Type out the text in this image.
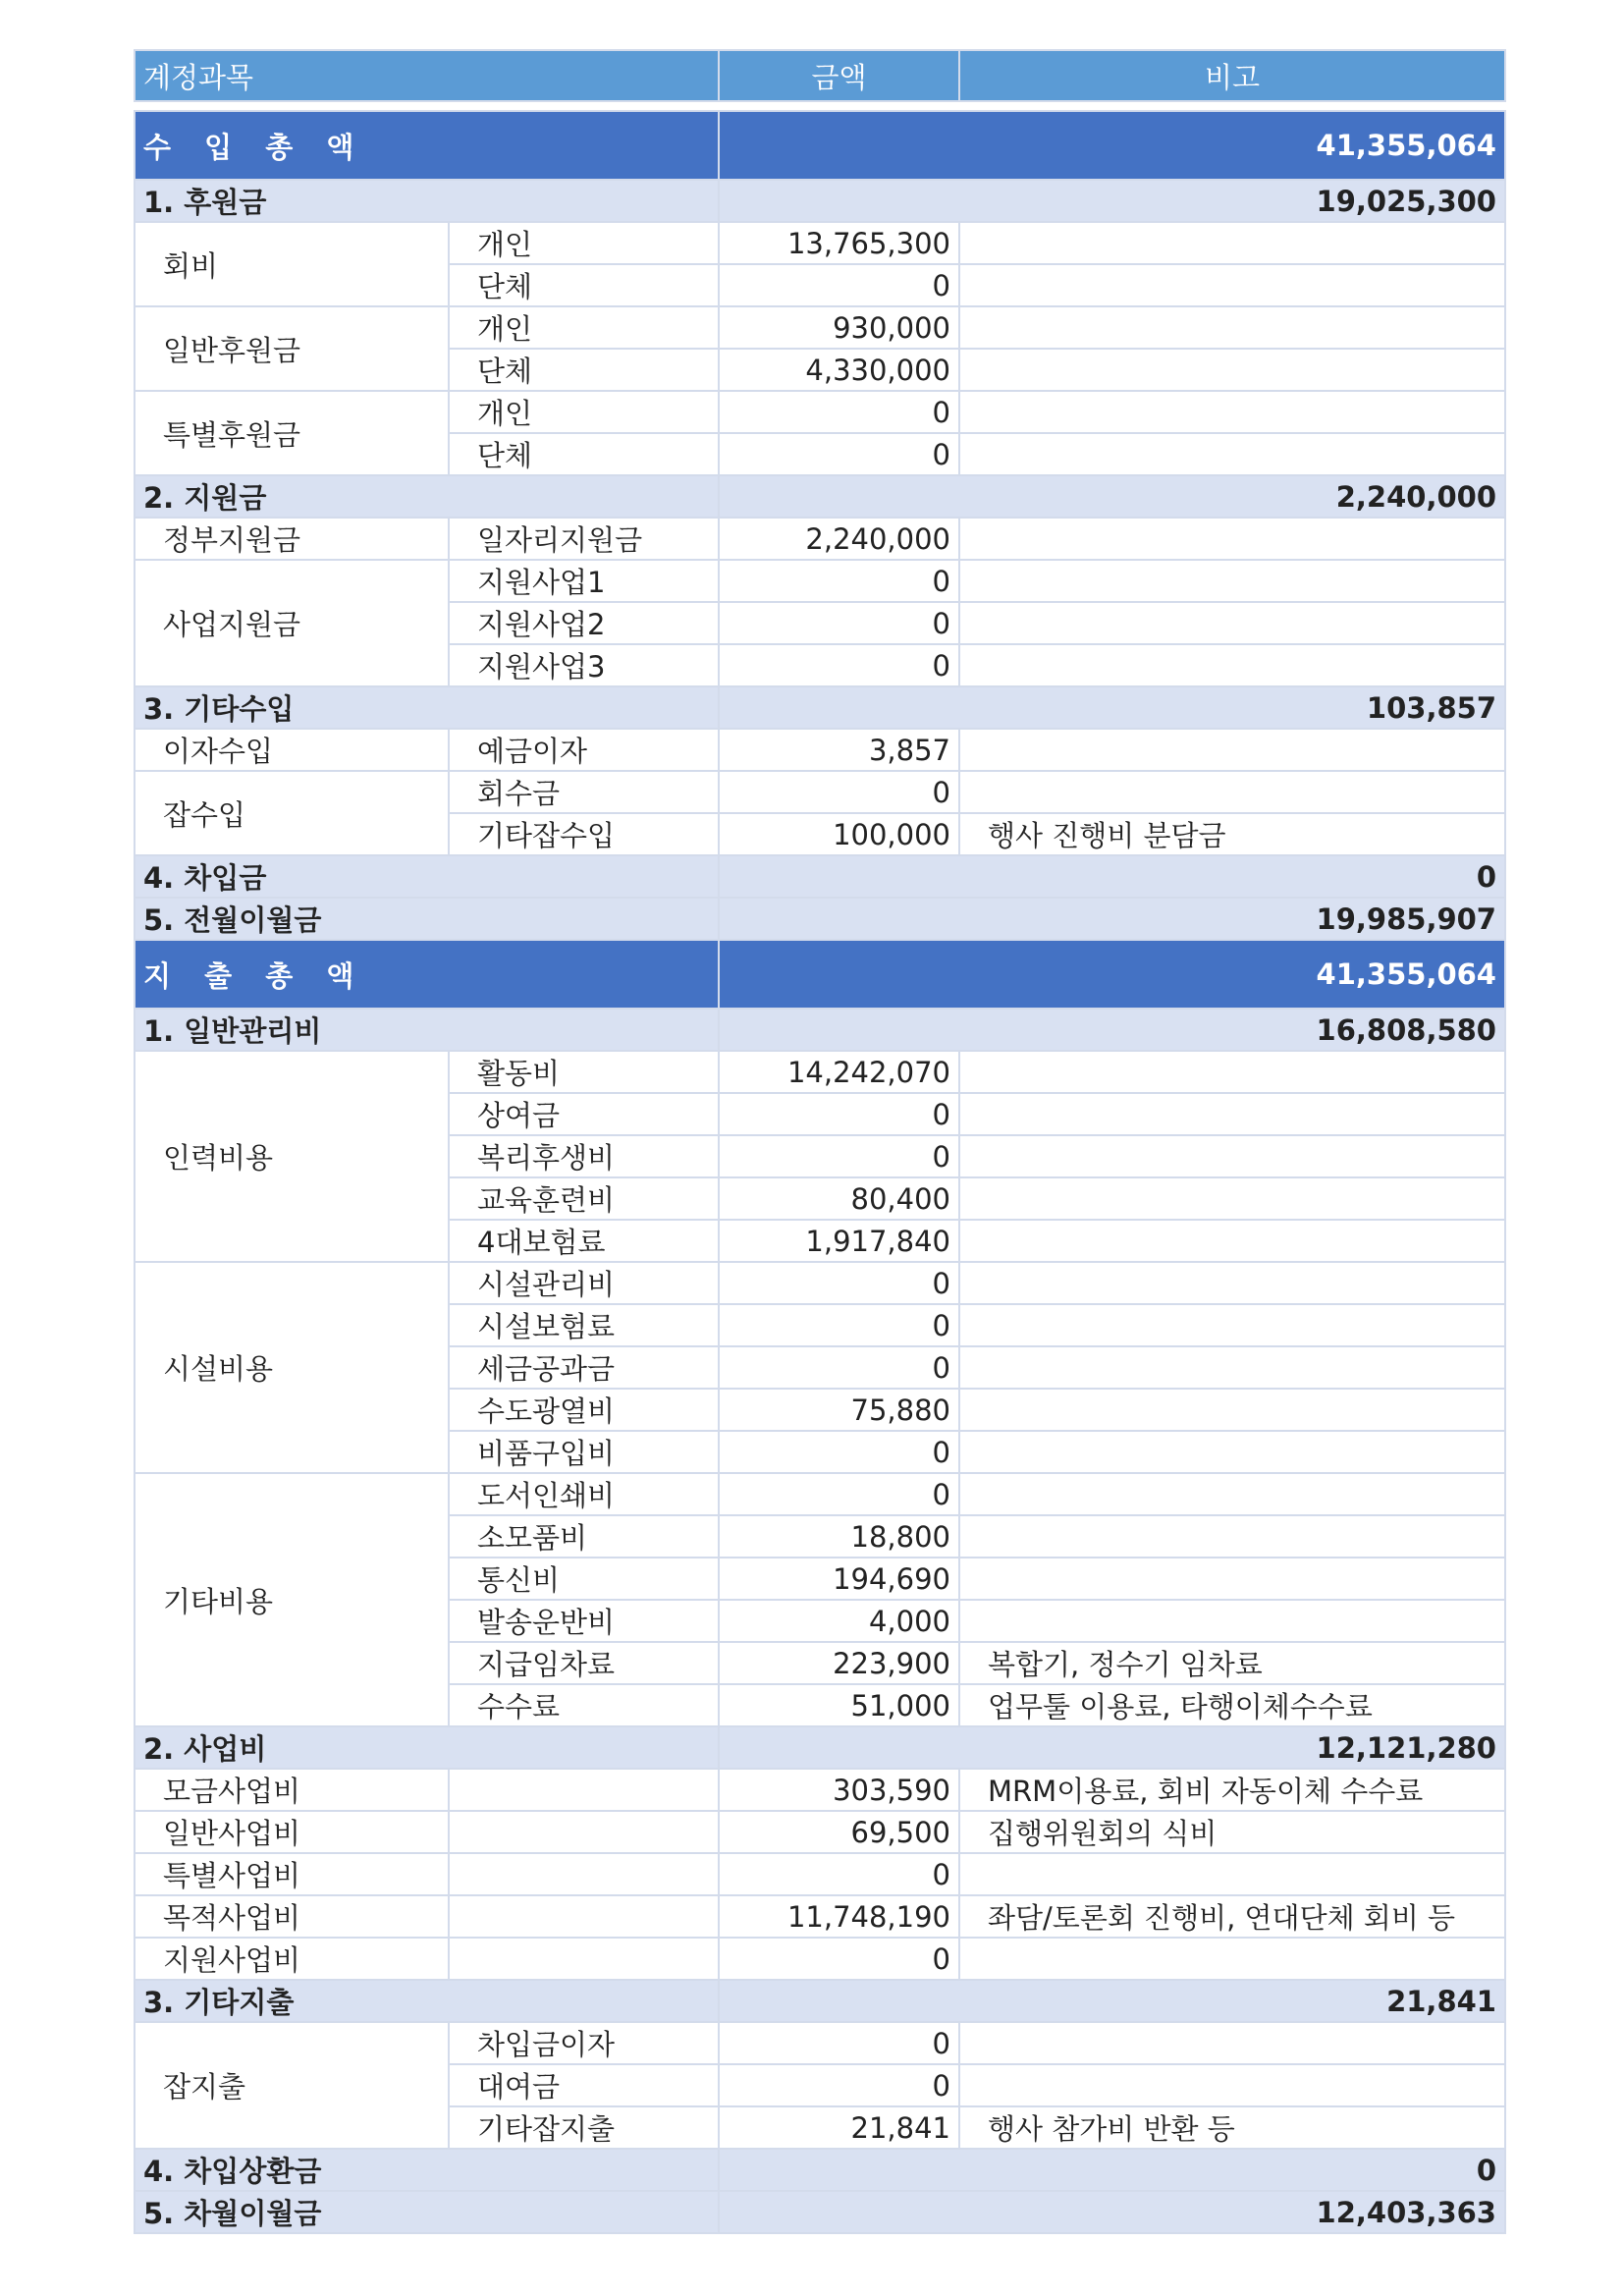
계정과목		금액	비고

수 입 총 액		41,355,064	
1. 후원금		19,025,300	
회비	개인	13,765,300	
	단체	0	
일반후원금	개인	930,000	
	단체	4,330,000	
특별후원금	개인	0	
	단체	0	
2. 지원금		2,240,000	
정부지원금	일자리지원금	2,240,000	
사업지원금	지원사업1	0	
	지원사업2	0	
	지원사업3	0	
3. 기타수입		103,857	
이자수입	예금이자	3,857	
잡수입	회수금	0	
	기타잡수입	100,000	행사 진행비 분담금
4. 차입금		0	
5. 전월이월금		19,985,907	
지 출 총 액		41,355,064	
1. 일반관리비		16,808,580	
인력비용	활동비	14,242,070	
	상여금	0	
	복리후생비	0	
	교육훈련비	80,400	
	4대보험료	1,917,840	
시설비용	시설관리비	0	
	시설보험료	0	
	세금공과금	0	
	수도광열비	75,880	
	비품구입비	0	
기타비용	도서인쇄비	0	
	소모품비	18,800	
	통신비	194,690	
	발송운반비	4,000	
	지급임차료	223,900	복합기, 정수기 임차료
	수수료	51,000	업무툴 이용료, 타행이체수수료
2. 사업비		12,121,280	
모금사업비		303,590	MRM이용료, 회비 자동이체 수수료
일반사업비		69,500	집행위원회의 식비
특별사업비		0	
목적사업비		11,748,190	좌담/토론회 진행비, 연대단체 회비 등
지원사업비		0	
3. 기타지출		21,841	
잡지출	차입금이자	0	
	대여금	0	
	기타잡지출	21,841	행사 참가비 반환 등
4. 차입상환금		0	
5. 차월이월금		12,403,363	
